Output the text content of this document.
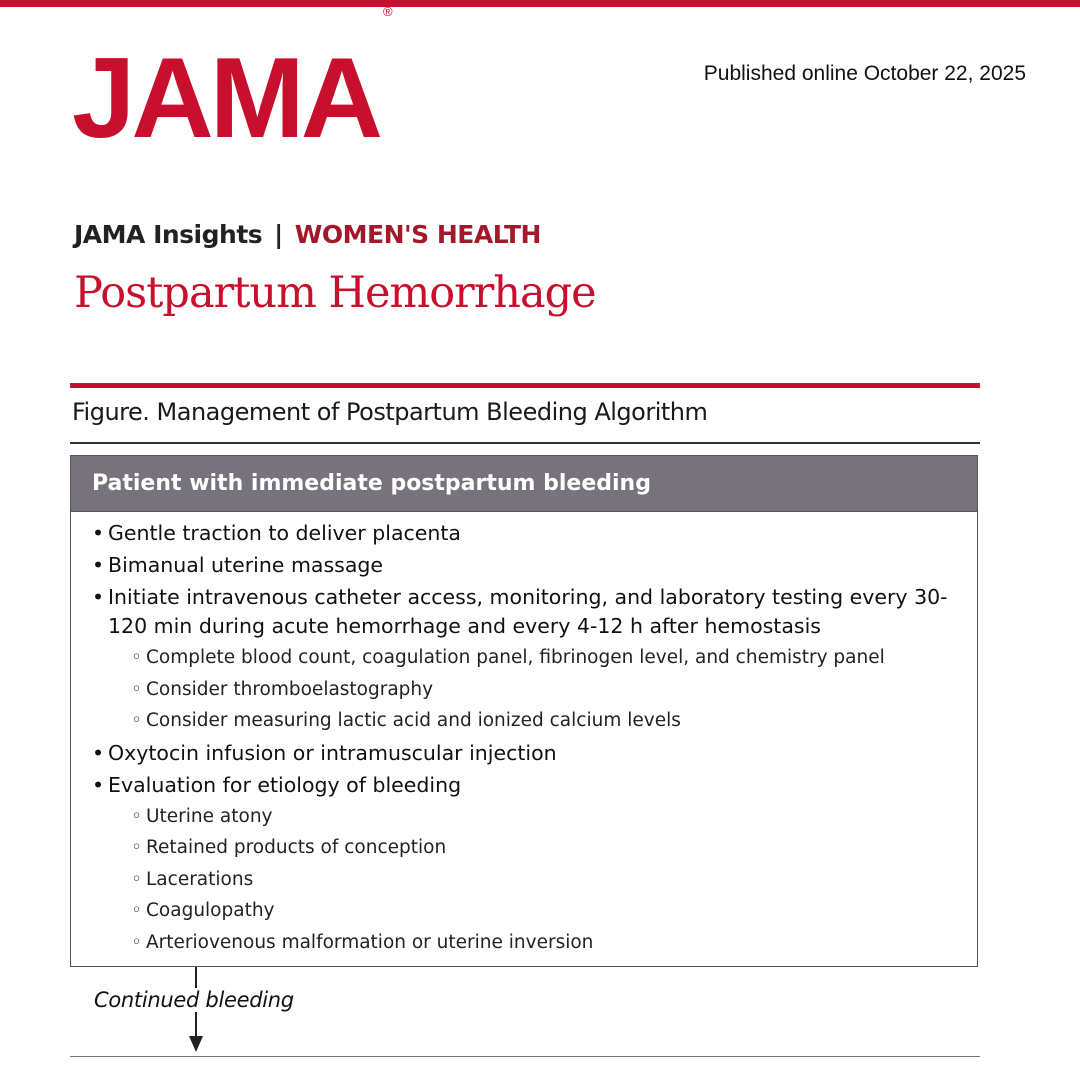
JAMA®
Published online October 22, 2025
JAMA Insights | WOMEN'S HEALTH
Postpartum Hemorrhage
Figure. Management of Postpartum Bleeding Algorithm
Patient with immediate postpartum bleeding
• Gentle traction to deliver placenta
• Bimanual uterine massage
• Initiate intravenous catheter access, monitoring, and laboratory testing every 30-120 min during acute hemorrhage and every 4-12 h after hemostasis
◦ Complete blood count, coagulation panel, fibrinogen level, and chemistry panel
◦ Consider thromboelastography
◦ Consider measuring lactic acid and ionized calcium levels
• Oxytocin infusion or intramuscular injection
• Evaluation for etiology of bleeding
◦ Uterine atony
◦ Retained products of conception
◦ Lacerations
◦ Coagulopathy
◦ Arteriovenous malformation or uterine inversion
Continued bleeding
